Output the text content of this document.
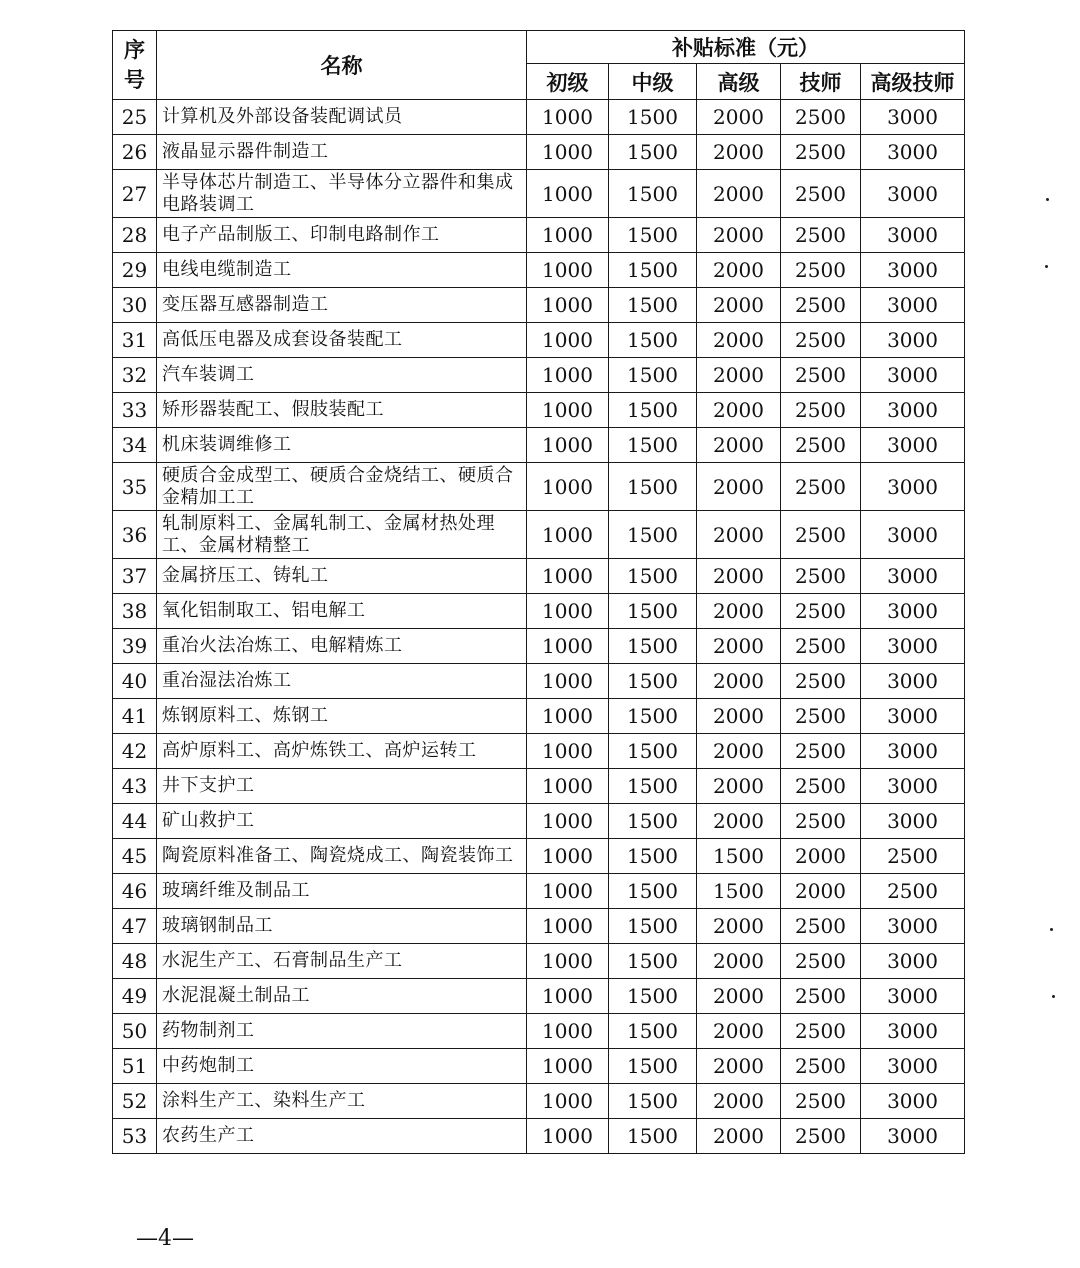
序
号	名称	补贴标准（元）				
		初级	中级	高级	技师	高级技师
25	计算机及外部设备装配调试员	1000	1500	2000	2500	3000
26	液晶显示器件制造工	1000	1500	2000	2500	3000
27	半导体芯片制造工、半导体分立器件和集成电路装调工	1000	1500	2000	2500	3000
28	电子产品制版工、印制电路制作工	1000	1500	2000	2500	3000
29	电线电缆制造工	1000	1500	2000	2500	3000
30	变压器互感器制造工	1000	1500	2000	2500	3000
31	高低压电器及成套设备装配工	1000	1500	2000	2500	3000
32	汽车装调工	1000	1500	2000	2500	3000
33	矫形器装配工、假肢装配工	1000	1500	2000	2500	3000
34	机床装调维修工	1000	1500	2000	2500	3000
35	硬质合金成型工、硬质合金烧结工、硬质合金精加工工	1000	1500	2000	2500	3000
36	轧制原料工、金属轧制工、金属材热处理工、金属材精整工	1000	1500	2000	2500	3000
37	金属挤压工、铸轧工	1000	1500	2000	2500	3000
38	氧化铝制取工、铝电解工	1000	1500	2000	2500	3000
39	重冶火法冶炼工、电解精炼工	1000	1500	2000	2500	3000
40	重冶湿法冶炼工	1000	1500	2000	2500	3000
41	炼钢原料工、炼钢工	1000	1500	2000	2500	3000
42	高炉原料工、高炉炼铁工、高炉运转工	1000	1500	2000	2500	3000
43	井下支护工	1000	1500	2000	2500	3000
44	矿山救护工	1000	1500	2000	2500	3000
45	陶瓷原料准备工、陶瓷烧成工、陶瓷装饰工	1000	1500	1500	2000	2500
46	玻璃纤维及制品工	1000	1500	1500	2000	2500
47	玻璃钢制品工	1000	1500	2000	2500	3000
48	水泥生产工、石膏制品生产工	1000	1500	2000	2500	3000
49	水泥混凝土制品工	1000	1500	2000	2500	3000
50	药物制剂工	1000	1500	2000	2500	3000
51	中药炮制工	1000	1500	2000	2500	3000
52	涂料生产工、染料生产工	1000	1500	2000	2500	3000
53	农药生产工	1000	1500	2000	2500	3000
—4—
